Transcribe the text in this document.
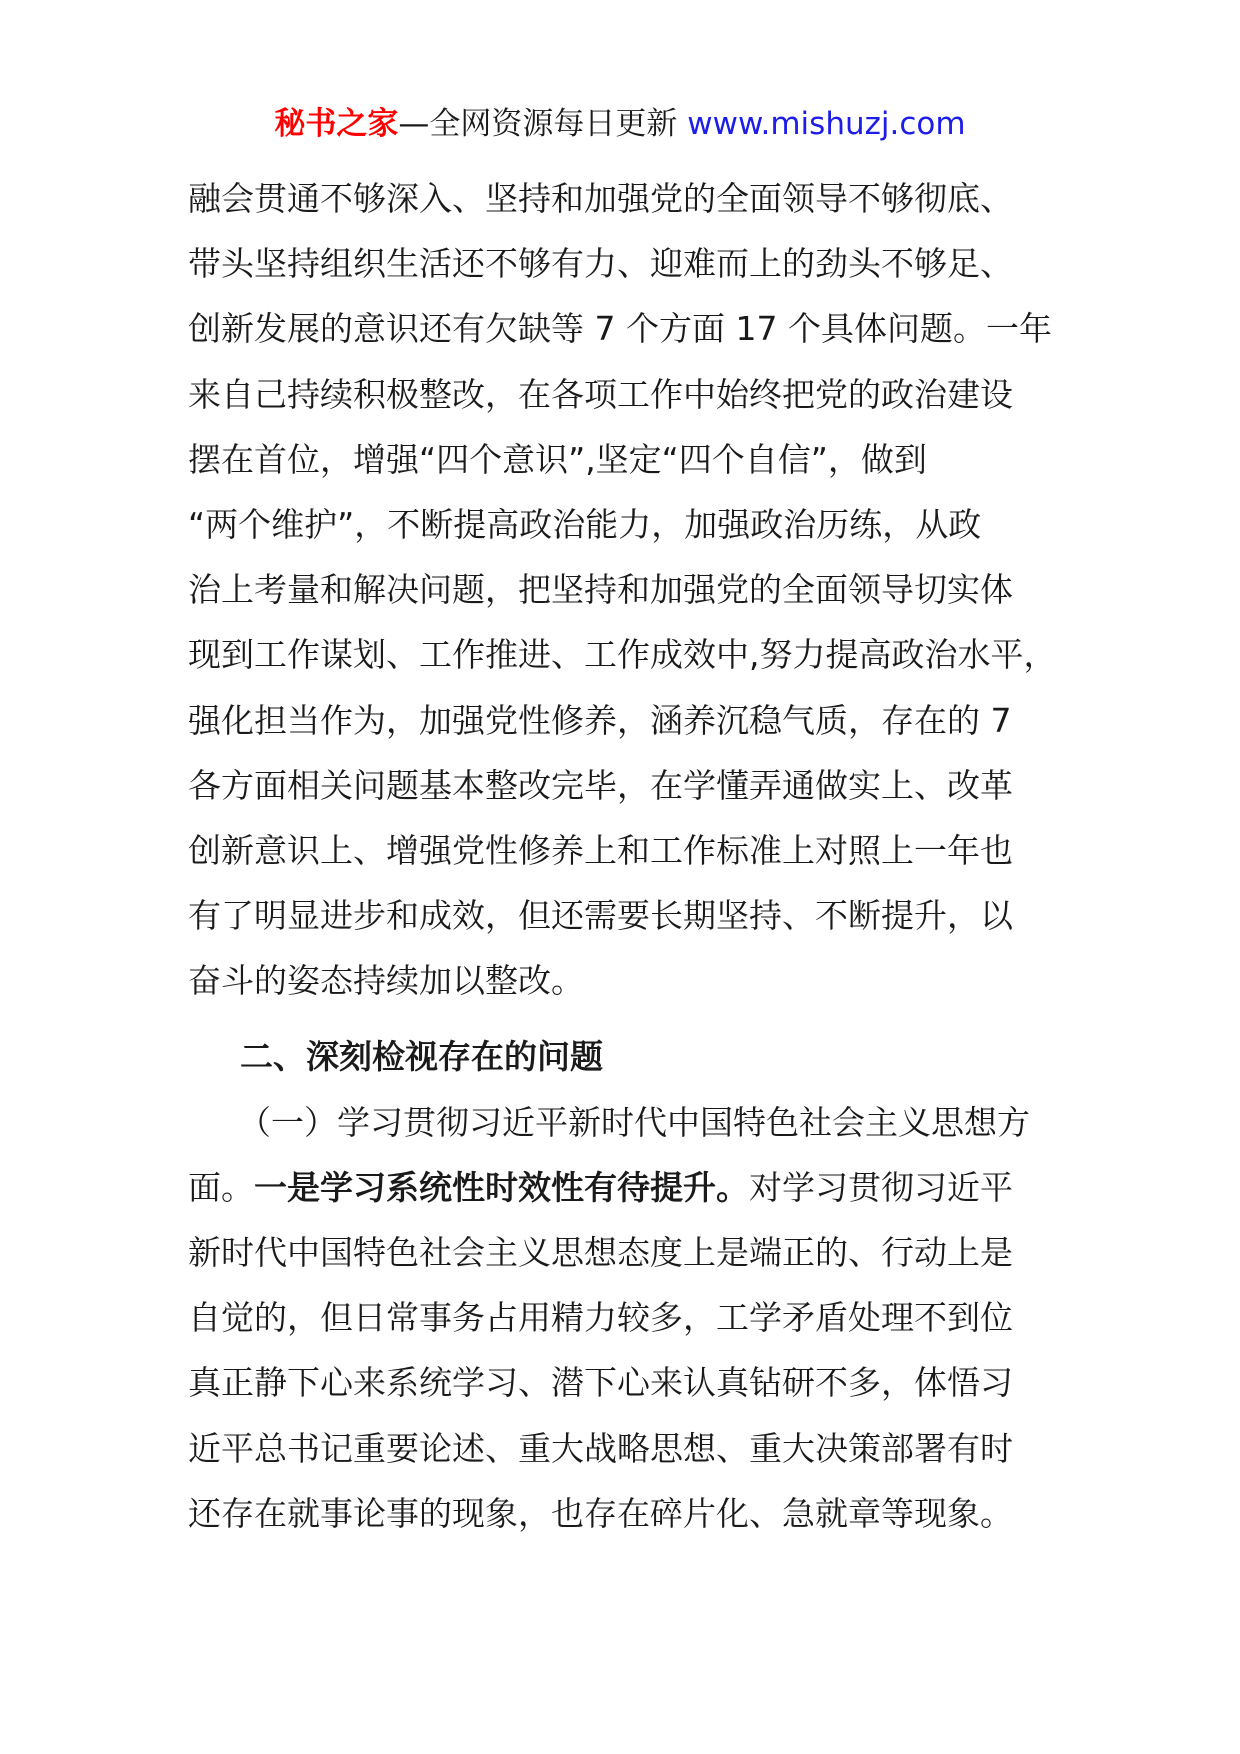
秘书之家—全网资源每日更新 www.mishuzj.com
融会贯通不够深入、坚持和加强党的全面领导不够彻底、
带头坚持组织生活还不够有力、迎难而上的劲头不够足、
创新发展的意识还有欠缺等 7 个方面 17 个具体问题。一年
来自己持续积极整改，在各项工作中始终把党的政治建设
摆在首位，增强“四个意识”,坚定“四个自信”，做到
“两个维护”，不断提高政治能力，加强政治历练，从政
治上考量和解决问题，把坚持和加强党的全面领导切实体
现到工作谋划、工作推进、工作成效中,努力提高政治水平，
强化担当作为，加强党性修养，涵养沉稳气质，存在的 7
各方面相关问题基本整改完毕，在学懂弄通做实上、改革
创新意识上、增强党性修养上和工作标准上对照上一年也
有了明显进步和成效，但还需要长期坚持、不断提升，以
奋斗的姿态持续加以整改。
二、深刻检视存在的问题
（一）学习贯彻习近平新时代中国特色社会主义思想方
面。一是学习系统性时效性有待提升。对学习贯彻习近平
新时代中国特色社会主义思想态度上是端正的、行动上是
自觉的，但日常事务占用精力较多，工学矛盾处理不到位
真正静下心来系统学习、潜下心来认真钻研不多，体悟习
近平总书记重要论述、重大战略思想、重大决策部署有时
还存在就事论事的现象，也存在碎片化、急就章等现象。
